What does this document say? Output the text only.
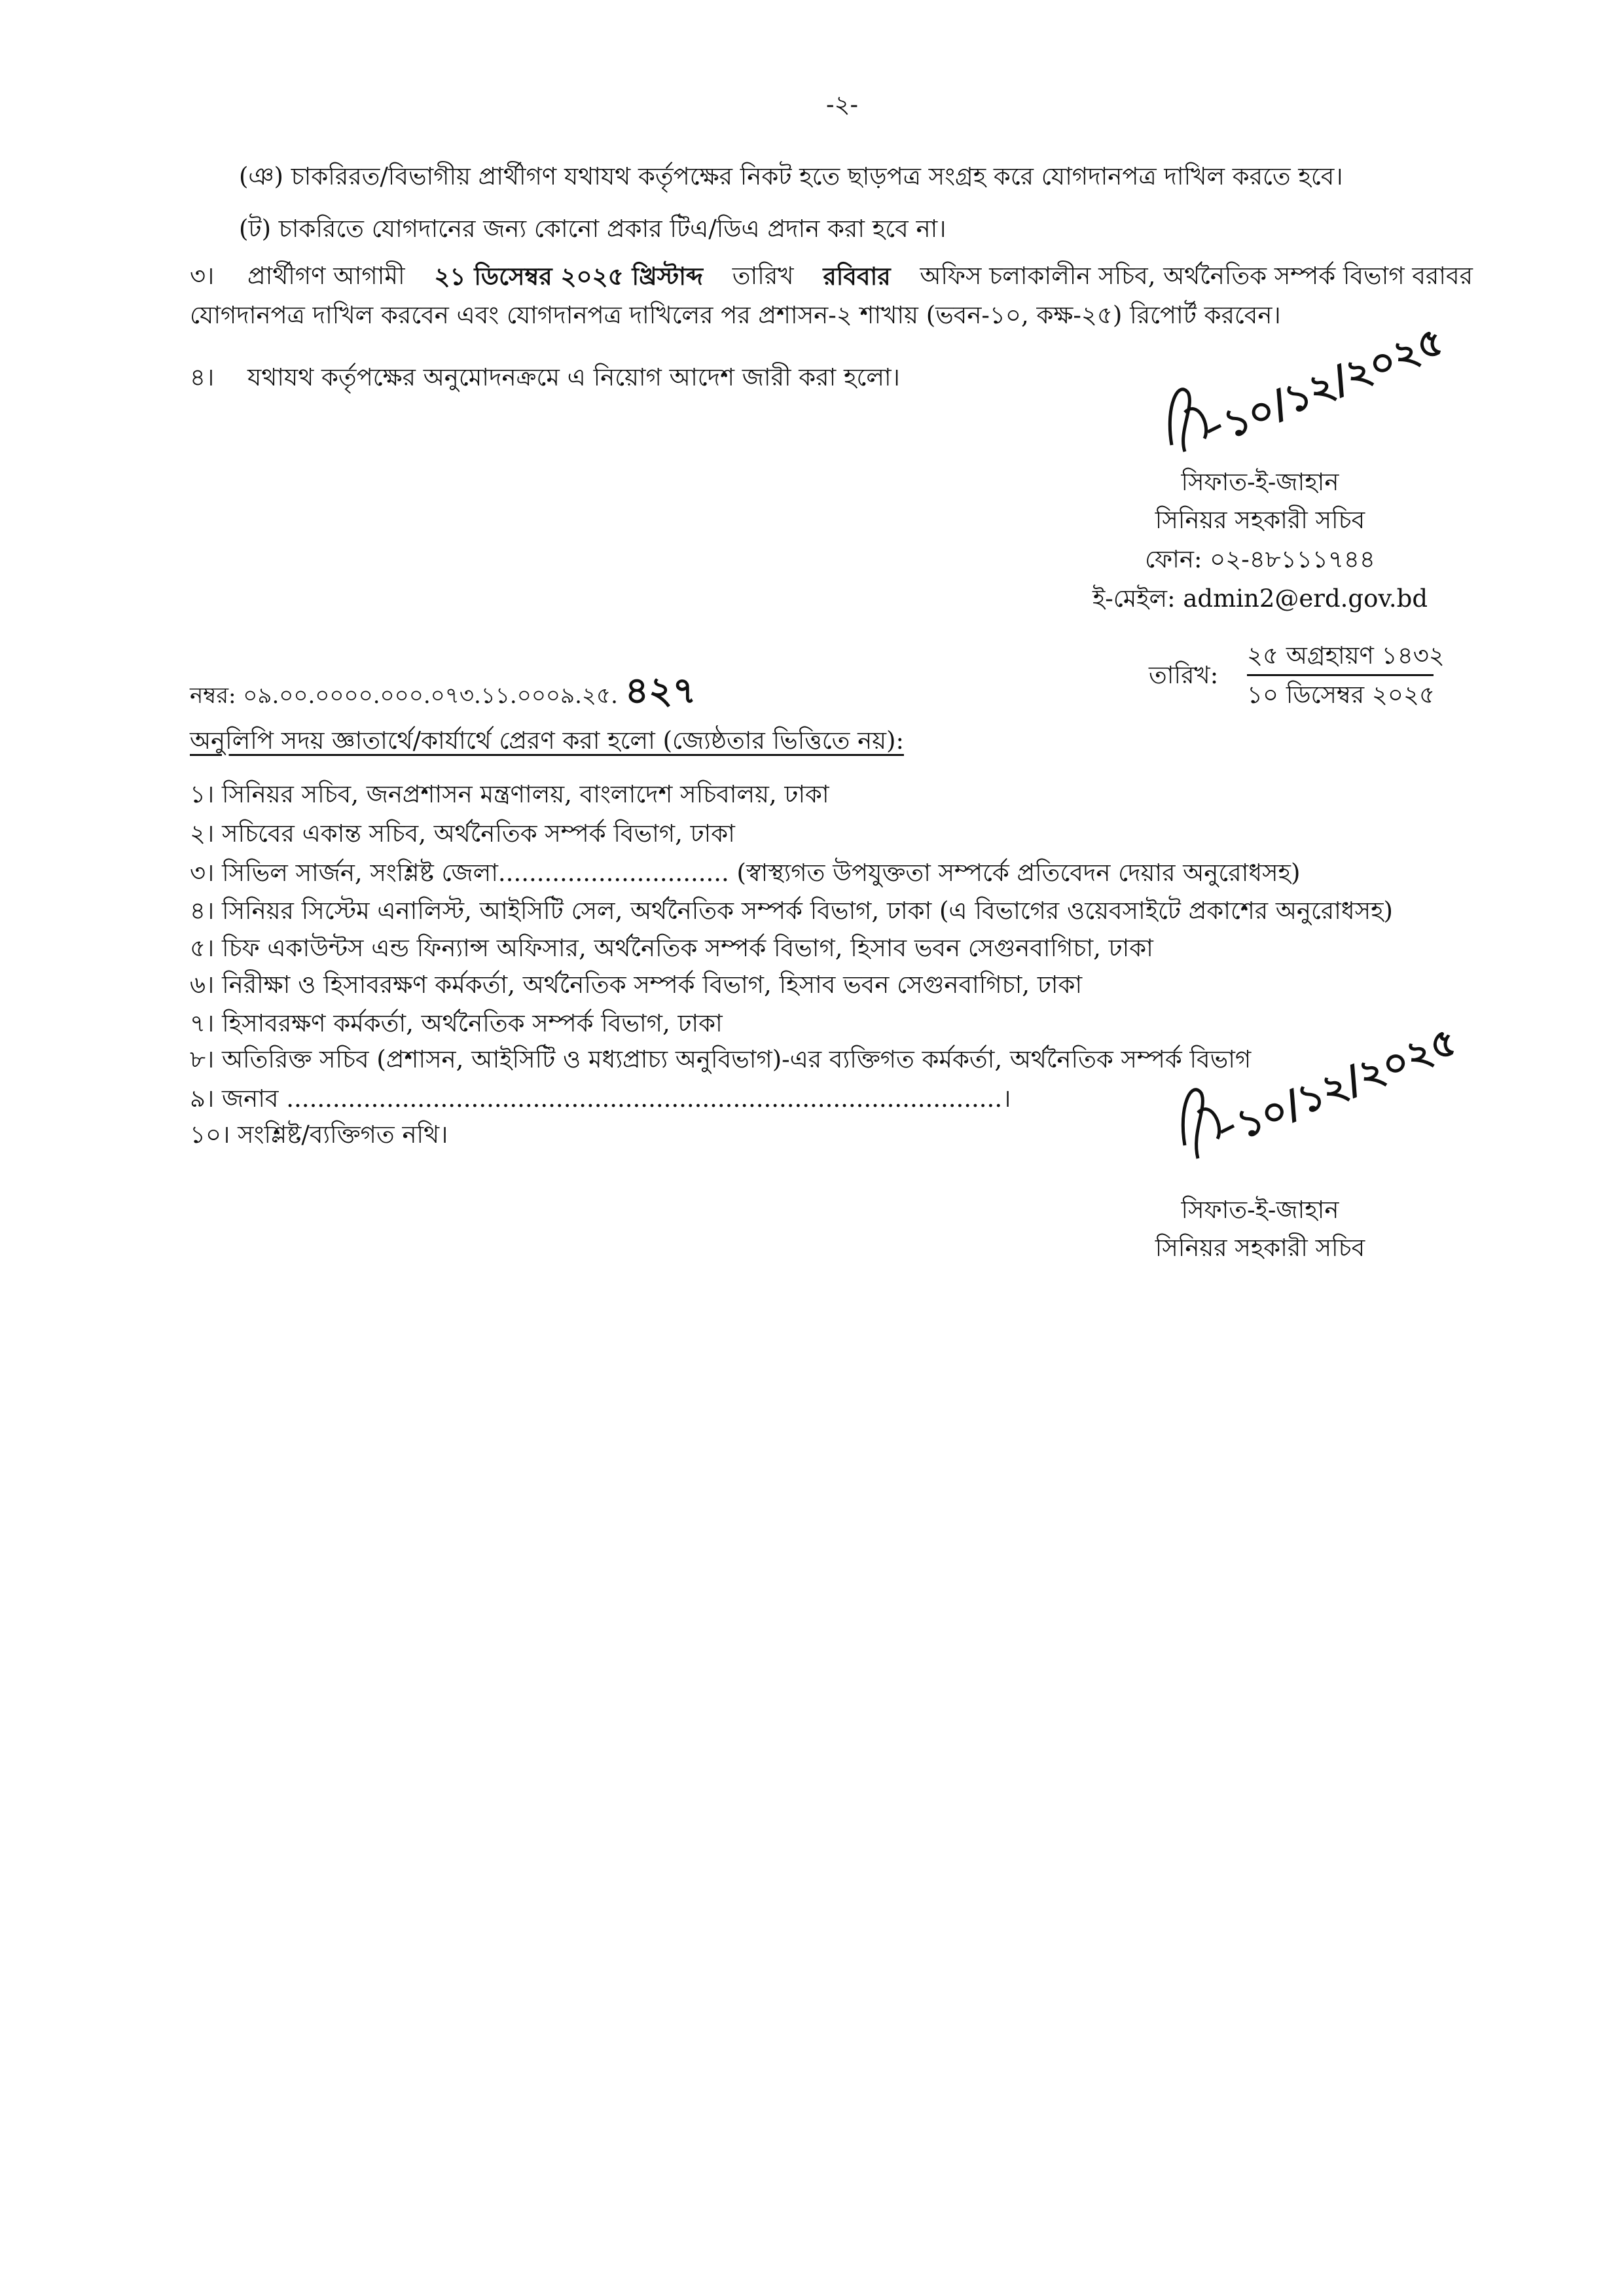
-২-
(ঞ) চাকরিরত/বিভাগীয় প্রার্থীগণ যথাযথ কর্তৃপক্ষের নিকট হতে ছাড়পত্র সংগ্রহ করে যোগদানপত্র দাখিল করতে হবে।
(ট) চাকরিতে যোগদানের জন্য কোনো প্রকার টিএ/ডিএ প্রদান করা হবে না।
৩। প্রার্থীগণ আগামী ২১ ডিসেম্বর ২০২৫ খ্রিস্টাব্দ তারিখ রবিবার অফিস চলাকালীন সচিব, অর্থনৈতিক সম্পর্ক বিভাগ বরাবর
যোগদানপত্র দাখিল করবেন এবং যোগদানপত্র দাখিলের পর প্রশাসন-২ শাখায় (ভবন-১০, কক্ষ-২৫) রিপোর্ট করবেন।
৪। যথাযথ কর্তৃপক্ষের অনুমোদনক্রমে এ নিয়োগ আদেশ জারী করা হলো।	১০/১২/২০২৫
সিফাত-ই-জাহান
সিনিয়র সহকারী সচিব
ফোন: ০২-৪৮১১১৭৪৪
ই-মেইল: admin2@erd.gov.bd
নম্বর: ০৯.০০.০০০০.০০০.০৭৩.১১.০০০৯.২৫. ৪২৭	তারিখ:
২৫ অগ্রহায়ণ ১৪৩২
১০ ডিসেম্বর ২০২৫
অনুলিপি সদয় জ্ঞাতার্থে/কার্যার্থে প্রেরণ করা হলো (জ্যেষ্ঠতার ভিত্তিতে নয়):
১। সিনিয়র সচিব, জনপ্রশাসন মন্ত্রণালয়, বাংলাদেশ সচিবালয়, ঢাকা
২। সচিবের একান্ত সচিব, অর্থনৈতিক সম্পর্ক বিভাগ, ঢাকা
৩। সিভিল সার্জন, সংশ্লিষ্ট জেলা.............................. (স্বাস্থ্যগত উপযুক্ততা সম্পর্কে প্রতিবেদন দেয়ার অনুরোধসহ)
৪। সিনিয়র সিস্টেম এনালিস্ট, আইসিটি সেল, অর্থনৈতিক সম্পর্ক বিভাগ, ঢাকা (এ বিভাগের ওয়েবসাইটে প্রকাশের অনুরোধসহ)
৫। চিফ একাউন্টস এন্ড ফিন্যান্স অফিসার, অর্থনৈতিক সম্পর্ক বিভাগ, হিসাব ভবন সেগুনবাগিচা, ঢাকা
৬। নিরীক্ষা ও হিসাবরক্ষণ কর্মকর্তা, অর্থনৈতিক সম্পর্ক বিভাগ, হিসাব ভবন সেগুনবাগিচা, ঢাকা
৭। হিসাবরক্ষণ কর্মকর্তা, অর্থনৈতিক সম্পর্ক বিভাগ, ঢাকা
৮। অতিরিক্ত সচিব (প্রশাসন, আইসিটি ও মধ্যপ্রাচ্য অনুবিভাগ)-এর ব্যক্তিগত কর্মকর্তা, অর্থনৈতিক সম্পর্ক বিভাগ
৯। জনাব .............................................................................................।
১০। সংশ্লিষ্ট/ব্যক্তিগত নথি।	১০/১২/২০২৫
সিফাত-ই-জাহান
সিনিয়র সহকারী সচিব
